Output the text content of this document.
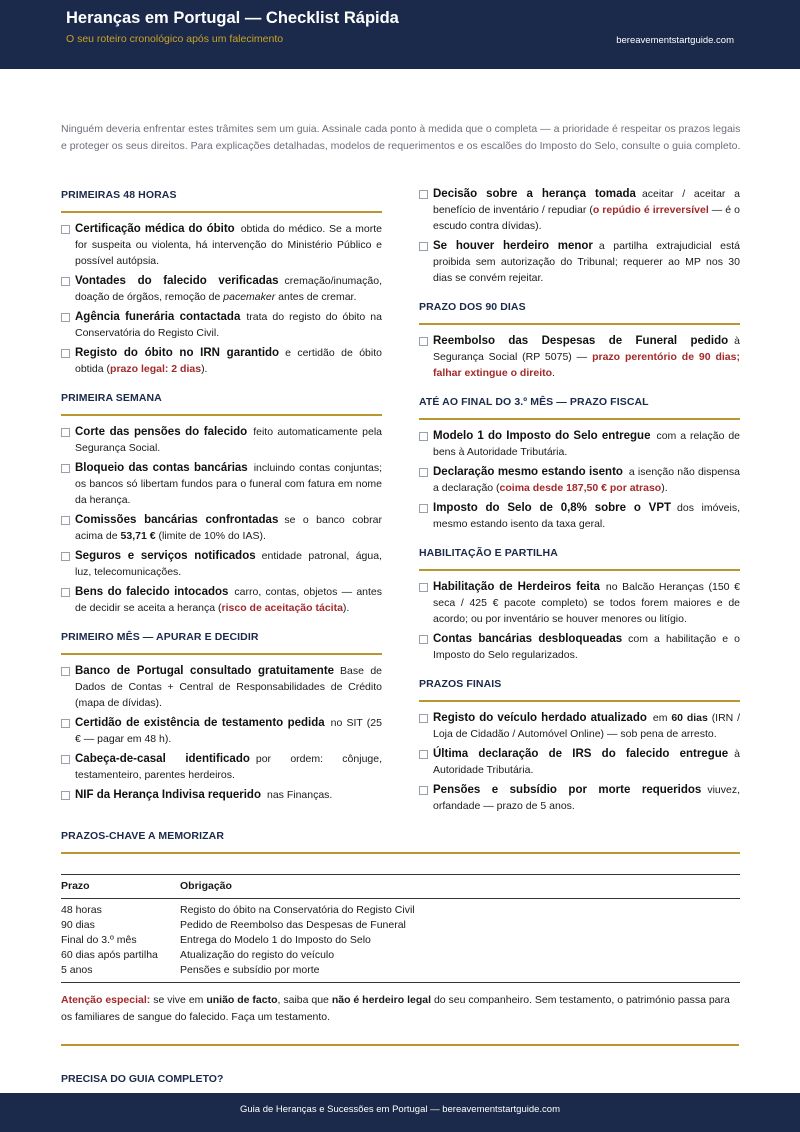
Heranças em Portugal — Checklist Rápida
O seu roteiro cronológico após um falecimento	bereavementstartguide.com

Ninguém deveria enfrentar estes trâmites sem um guia. Assinale cada ponto à medida que o completa — a prioridade é respeitar os prazos legais e proteger os seus direitos. Para explicações detalhadas, modelos de requerimentos e os escalões do Imposto do Selo, consulte o guia completo.

PRIMEIRAS 48 HORAS
Certificação médica do óbito obtida do médico. Se a morte for suspeita ou violenta, há intervenção do Ministério Público e possível autópsia.
Vontades do falecido verificadas cremação/inumação, doação de órgãos, remoção de pacemaker antes de cremar.
Agência funerária contactada trata do registo do óbito na Conservatória do Registo Civil.
Registo do óbito no IRN garantido e certidão de óbito obtida (prazo legal: 2 dias).
PRIMEIRA SEMANA
Corte das pensões do falecido feito automaticamente pela Segurança Social.
Bloqueio das contas bancárias incluindo contas conjuntas; os bancos só libertam fundos para o funeral com fatura em nome da herança.
Comissões bancárias confrontadas se o banco cobrar acima de 53,71 € (limite de 10% do IAS).
Seguros e serviços notificados entidade patronal, água, luz, telecomunicações.
Bens do falecido intocados carro, contas, objetos — antes de decidir se aceita a herança (risco de aceitação tácita).
PRIMEIRO MÊS — APURAR E DECIDIR
Banco de Portugal consultado gratuitamente Base de Dados de Contas + Central de Responsabilidades de Crédito (mapa de dívidas).
Certidão de existência de testamento pedida no SIT (25 € — pagar em 48 h).
Cabeça-de-casal identificado por ordem: cônjuge, testamenteiro, parentes herdeiros.
NIF da Herança Indivisa requerido nas Finanças.
Decisão sobre a herança tomada aceitar / aceitar a benefício de inventário / repudiar (o repúdio é irreversível — é o escudo contra dívidas).
Se houver herdeiro menor a partilha extrajudicial está proibida sem autorização do Tribunal; requerer ao MP nos 30 dias se convém rejeitar.
PRAZO DOS 90 DIAS
Reembolso das Despesas de Funeral pedido à Segurança Social (RP 5075) — prazo perentório de 90 dias; falhar extingue o direito.
ATÉ AO FINAL DO 3.º MÊS — PRAZO FISCAL
Modelo 1 do Imposto do Selo entregue com a relação de bens à Autoridade Tributária.
Declaração mesmo estando isento a isenção não dispensa a declaração (coima desde 187,50 € por atraso).
Imposto do Selo de 0,8% sobre o VPT dos imóveis, mesmo estando isento da taxa geral.
HABILITAÇÃO E PARTILHA
Habilitação de Herdeiros feita no Balcão Heranças (150 € seca / 425 € pacote completo) se todos forem maiores e de acordo; ou por inventário se houver menores ou litígio.
Contas bancárias desbloqueadas com a habilitação e o Imposto do Selo regularizados.
PRAZOS FINAIS
Registo do veículo herdado atualizado em 60 dias (IRN / Loja de Cidadão / Automóvel Online) — sob pena de arresto.
Última declaração de IRS do falecido entregue à Autoridade Tributária.
Pensões e subsídio por morte requeridos viuvez, orfandade — prazo de 5 anos.
PRAZOS-CHAVE A MEMORIZAR
Prazo	Obrigação
48 horas	Registo do óbito na Conservatória do Registo Civil
90 dias	Pedido de Reembolso das Despesas de Funeral
Final do 3.º mês	Entrega do Modelo 1 do Imposto do Selo
60 dias após partilha	Atualização do registo do veículo
5 anos	Pensões e subsídio por morte

Atenção especial: se vive em união de facto, saiba que não é herdeiro legal do seu companheiro. Sem testamento, o património passa para os familiares de sangue do falecido. Faça um testamento.

PRECISA DO GUIA COMPLETO?
Guia de Heranças e Sucessões em Portugal — bereavementstartguide.com
